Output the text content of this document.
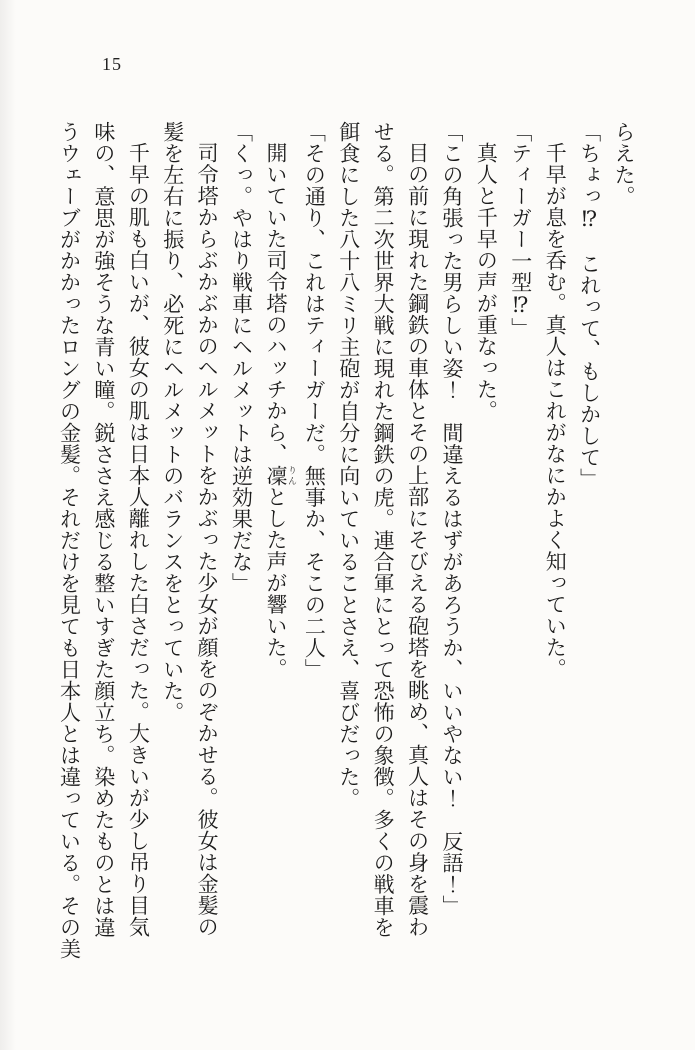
15
らえた。
「ちょっ⁉　これって、もしかして」
千早が息を呑む。真人はこれがなにかよく知っていた。
「ティーガー一型⁉」
真人と千早の声が重なった。
「この角張った男らしい姿！　間違えるはずがあろうか、いいやない！　反語！」
目の前に現れた鋼鉄の車体とその上部にそびえる砲塔を眺め、真人はその身を震わ
せる。第二次世界大戦に現れた鋼鉄の虎。連合軍にとって恐怖の象徴。多くの戦車を
餌食にした八十八ミリ主砲が自分に向いていることさえ、喜びだった。
「その通り、これはティーガーだ。無事か、そこの二人」
開いていた司令塔のハッチから、凜 りんとした声が響いた。
「くっ。やはり戦車にヘルメットは逆効果だな」
司令塔からぶかぶかのヘルメットをかぶった少女が顔をのぞかせる。彼女は金髪の
髪を左右に振り、必死にヘルメットのバランスをとっていた。
千早の肌も白いが、彼女の肌は日本人離れした白さだった。大きいが少し吊り目気
味の、意思が強そうな青い瞳。鋭ささえ感じる整いすぎた顔立ち。染めたものとは違
うウェーブがかかったロングの金髪。それだけを見ても日本人とは違っている。その美
